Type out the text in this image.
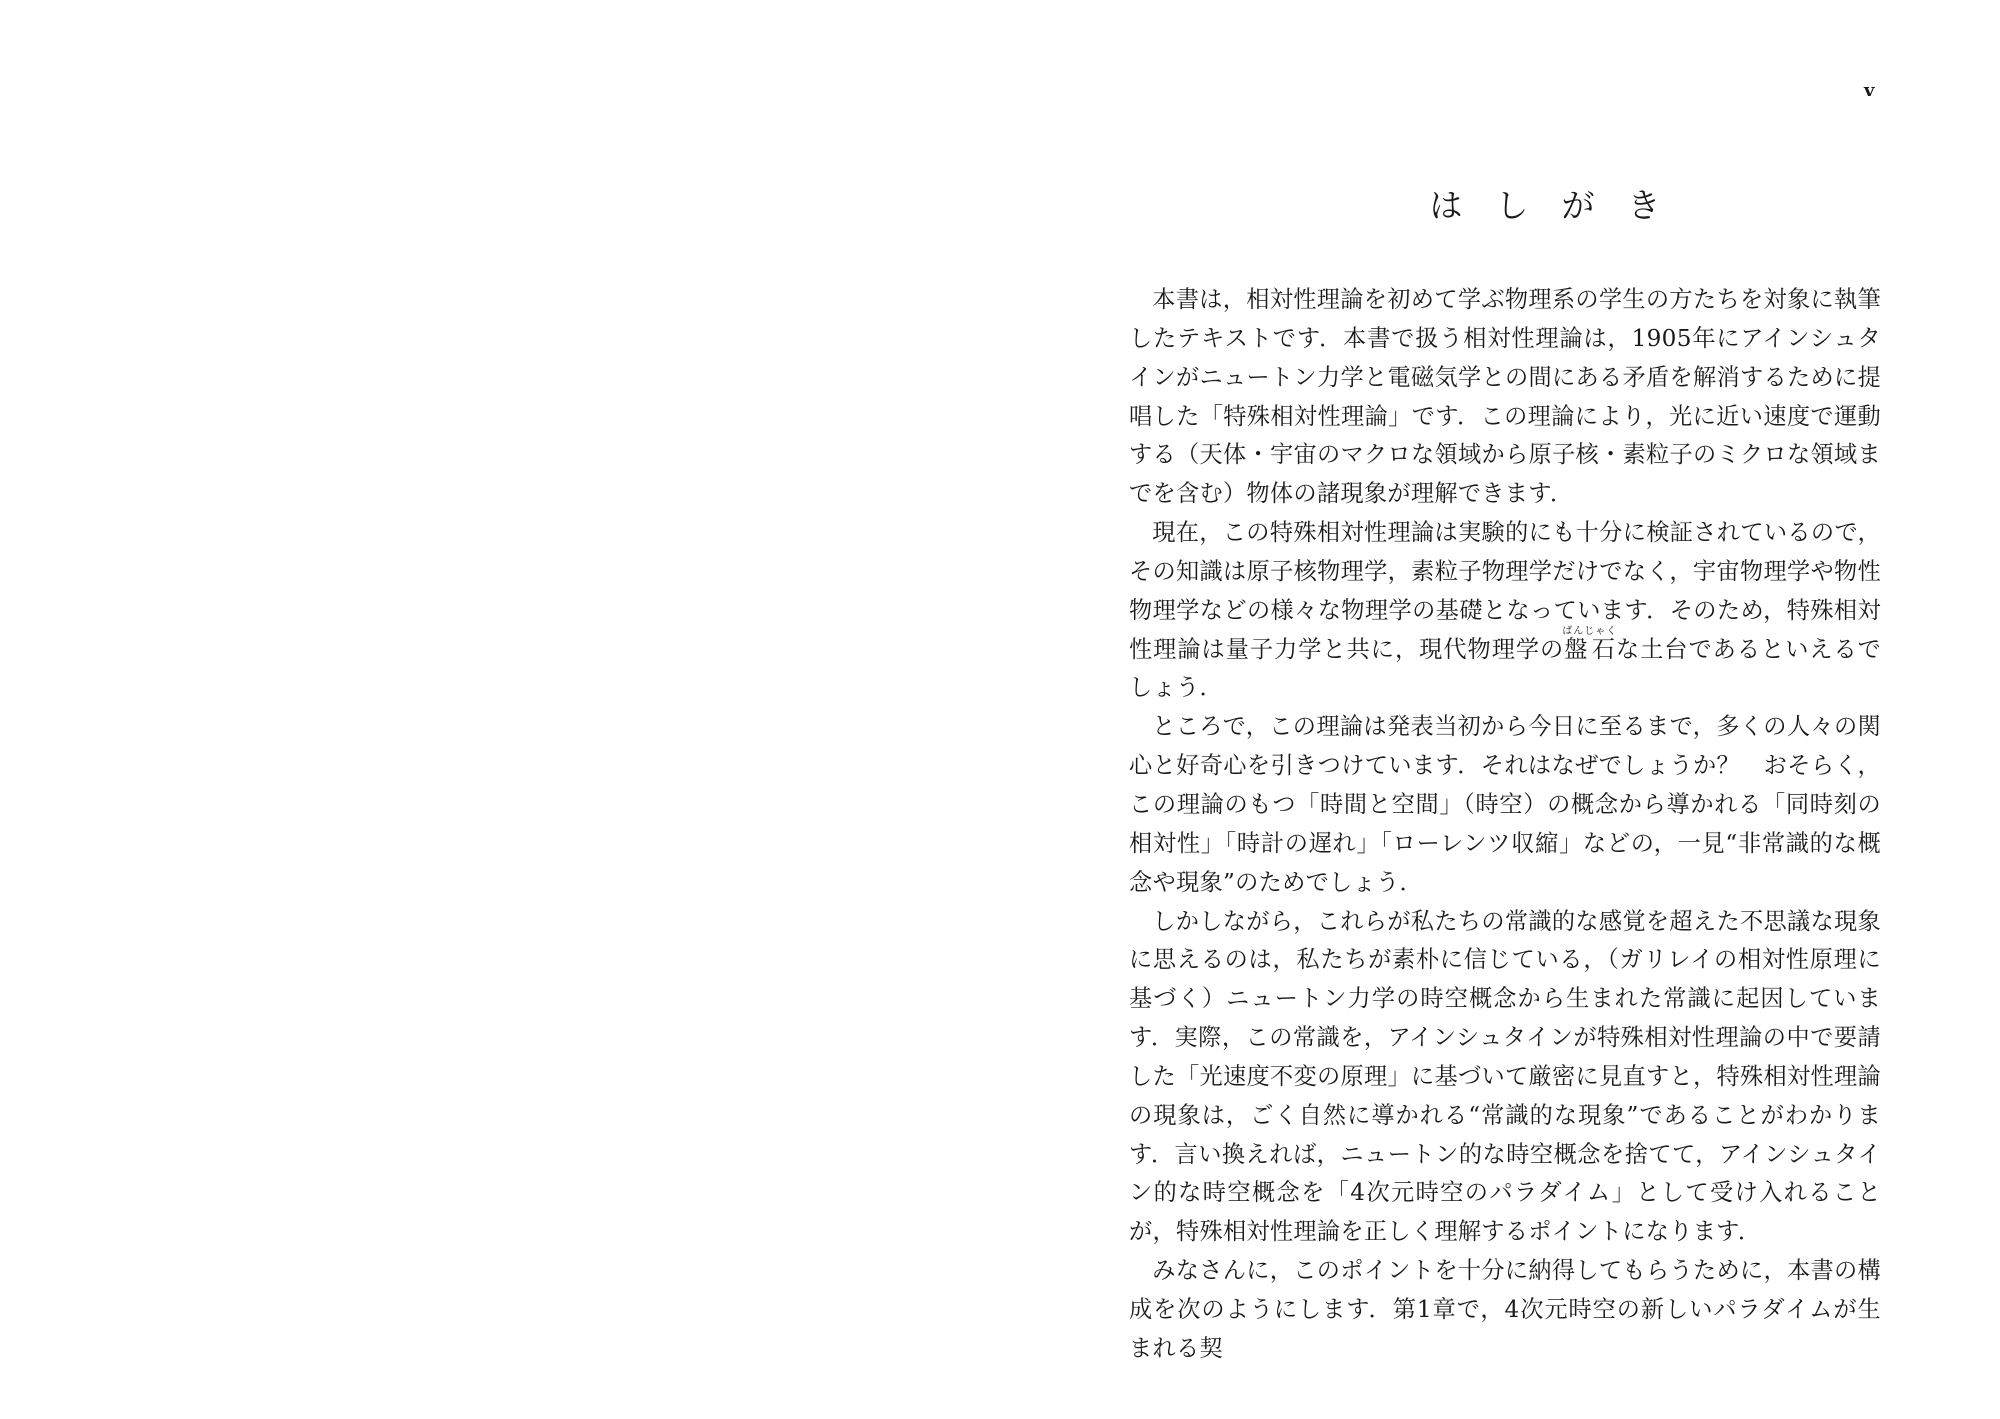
v
は　し　が　き

本書は，相対性理論を初めて学ぶ物理系の学生の方たちを対象に執筆したテキストです．本書で扱う相対性理論は，1905年にアインシュタインがニュートン力学と電磁気学との間にある矛盾を解消するために提唱した「特殊相対性理論」です．この理論により，光に近い速度で運動する（天体・宇宙のマクロな領域から原子核・素粒子のミクロな領域までを含む）物体の諸現象が理解できます．

現在，この特殊相対性理論は実験的にも十分に検証されているので，その知識は原子核物理学，素粒子物理学だけでなく，宇宙物理学や物性物理学などの様々な物理学の基礎となっています．そのため，特殊相対性理論は量子力学と共に，現代物理学の盤石ばんじゃくな土台であるといえるでしょう．

ところで，この理論は発表当初から今日に至るまで，多くの人々の関心と好奇心を引きつけています．それはなぜでしょうか？　おそらく，この理論のもつ「時間と空間」（時空）の概念から導かれる「同時刻の相対性」「時計の遅れ」「ローレンツ収縮」などの，一見“非常識的な概念や現象”のためでしょう．

しかしながら，これらが私たちの常識的な感覚を超えた不思議な現象に思えるのは，私たちが素朴に信じている，（ガリレイの相対性原理に基づく）ニュートン力学の時空概念から生まれた常識に起因しています．実際，この常識を，アインシュタインが特殊相対性理論の中で要請した「光速度不変の原理」に基づいて厳密に見直すと，特殊相対性理論の現象は，ごく自然に導かれる“常識的な現象”であることがわかります．言い換えれば，ニュートン的な時空概念を捨てて，アインシュタイン的な時空概念を「4次元時空のパラダイム」として受け入れることが，特殊相対性理論を正しく理解するポイントになります．

みなさんに，このポイントを十分に納得してもらうために，本書の構成を次のようにします．第1章で，4次元時空の新しいパラダイムが生まれる契
